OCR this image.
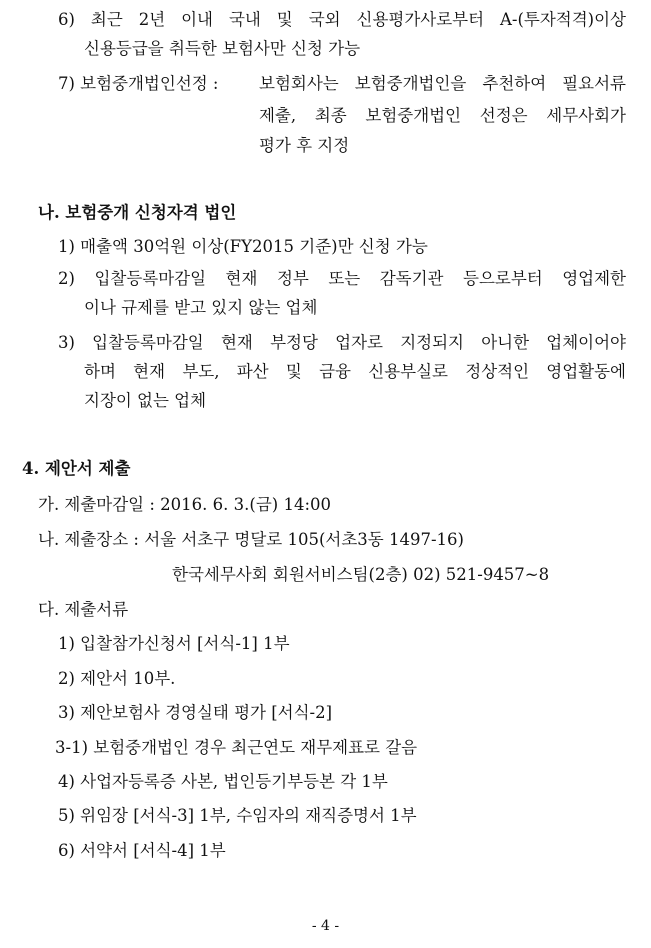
6) 최근 2년 이내 국내 및 국외 신용평가사로부터 A-(투자적격)이상
신용등급을 취득한 보험사만 신청 가능
7) 보험중개법인선정 : 보험회사는 보험중개법인을 추천하여 필요서류
제출, 최종 보험중개법인 선정은 세무사회가
평가 후 지정
나. 보험중개 신청자격 법인
1) 매출액 30억원 이상(FY2015 기준)만 신청 가능
2) 입찰등록마감일 현재 정부 또는 감독기관 등으로부터 영업제한
이나 규제를 받고 있지 않는 업체
3) 입찰등록마감일 현재 부정당 업자로 지정되지 아니한 업체이어야
하며 현재 부도, 파산 및 금융 신용부실로 정상적인 영업활동에
지장이 없는 업체
4. 제안서 제출
가. 제출마감일 : 2016. 6. 3.(금) 14:00
나. 제출장소 : 서울 서초구 명달로 105(서초3동 1497-16)
한국세무사회 회원서비스팀(2층) 02) 521-9457~8
다. 제출서류
1) 입찰참가신청서 [서식-1] 1부
2) 제안서 10부.
3) 제안보험사 경영실태 평가 [서식-2]
3-1) 보험중개법인 경우 최근연도 재무제표로 갈음
4) 사업자등록증 사본, 법인등기부등본 각 1부
5) 위임장 [서식-3] 1부, 수임자의 재직증명서 1부
6) 서약서 [서식-4] 1부
- 4 -
